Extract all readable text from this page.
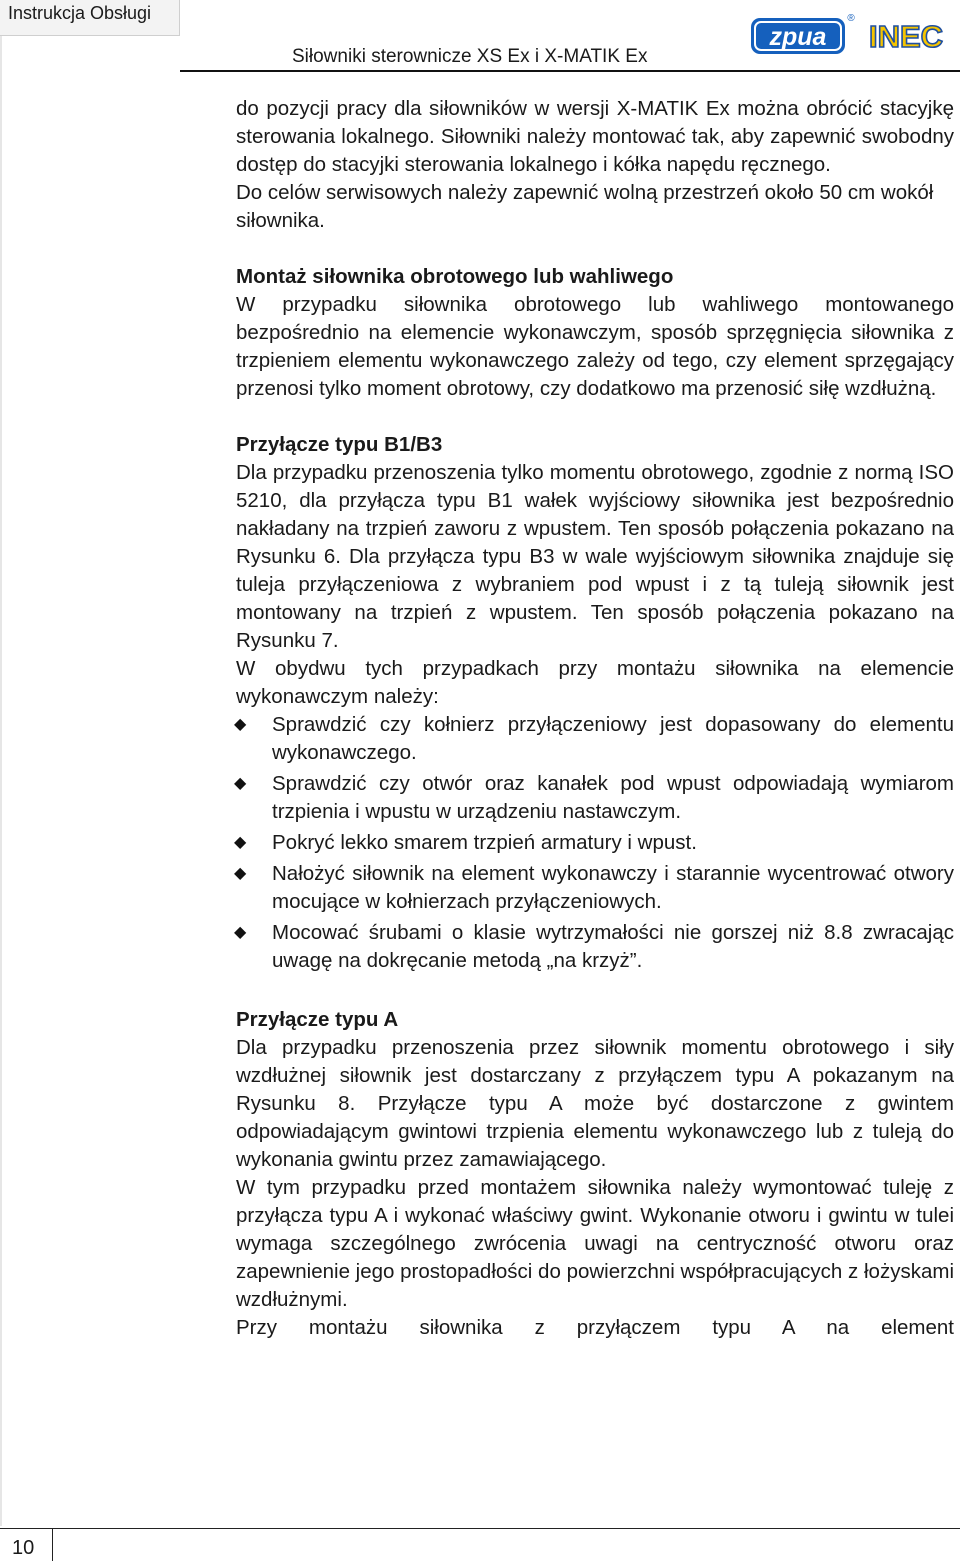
Instrukcja Obsługi
zpua
®
INEC
Siłowniki sterownicze XS Ex i X-MATIK Ex

do pozycji pracy dla siłowników w wersji X-MATIK Ex można obrócić stacyjkę sterowania lokalnego. Siłowniki należy montować tak, aby zapewnić swobodny dostęp do stacyjki sterowania lokalnego i kółka napędu ręcznego.

Do celów serwisowych należy zapewnić wolną przestrzeń około 50 cm wokół siłownika.

Montaż siłownika obrotowego lub wahliwego

W przypadku siłownika obrotowego lub wahliwego montowanego bezpośrednio na elemencie wykonawczym, sposób sprzęgnięcia siłownika z trzpieniem elementu wykonawczego zależy od tego, czy element sprzęgający przenosi tylko moment obrotowy, czy dodatkowo ma przenosić siłę wzdłużną.

Przyłącze typu B1/B3

Dla przypadku przenoszenia tylko momentu obrotowego, zgodnie z normą ISO 5210, dla przyłącza typu B1 wałek wyjściowy siłownika jest bezpośrednio nakładany na trzpień zaworu z wpustem. Ten sposób połączenia pokazano na Rysunku 6. Dla przyłącza typu B3 w wale wyjściowym siłownika znajduje się tuleja przyłączeniowa z wybraniem pod wpust i z tą tuleją siłownik jest montowany na trzpień z wpustem. Ten sposób połączenia pokazano na Rysunku 7.

W obydwu tych przypadkach przy montażu siłownika na elemencie wykonawczym należy:

◆ Sprawdzić czy kołnierz przyłączeniowy jest dopasowany do elementu wykonawczego.
◆ Sprawdzić czy otwór oraz kanałek pod wpust odpowiadają wymiarom trzpienia i wpustu w urządzeniu nastawczym.
◆ Pokryć lekko smarem trzpień armatury i wpust.
◆ Nałożyć siłownik na element wykonawczy i starannie wycentrować otwory mocujące w kołnierzach przyłączeniowych.
◆ Mocować śrubami o klasie wytrzymałości nie gorszej niż 8.8 zwracając uwagę na dokręcanie metodą „na krzyż”.
Przyłącze typu A

Dla przypadku przenoszenia przez siłownik momentu obrotowego i siły wzdłużnej siłownik jest dostarczany z przyłączem typu A pokazanym na Rysunku 8. Przyłącze typu A może być dostarczone z gwintem odpowiadającym gwintowi trzpienia elementu wykonawczego lub z tuleją do wykonania gwintu przez zamawiającego.

W tym przypadku przed montażem siłownika należy wymontować tuleję z przyłącza typu A i wykonać właściwy gwint. Wykonanie otworu i gwintu w tulei wymaga szczególnego zwrócenia uwagi na centryczność otworu oraz zapewnienie jego prostopadłości do powierzchni współpracujących z łożyskami wzdłużnymi.

Przy montażu siłownika z przyłączem typu A na element

10
